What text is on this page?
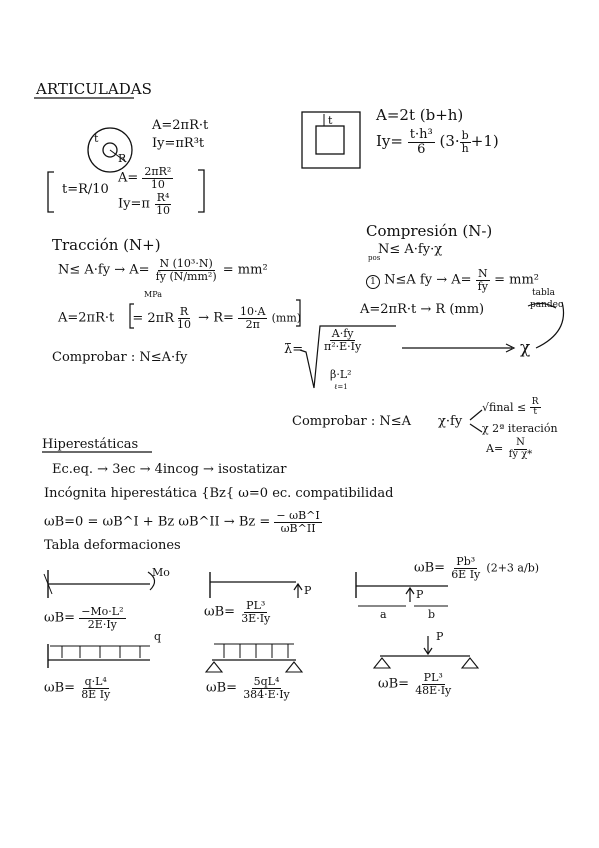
ARTICULADAS
t
R
A=2πR·t
Iy=πR³t
t=R/10
$A= \frac{\text{2πR²}}{10}$
$Iy=\pi \frac{\text{R⁴}}{10}$
t	A=2t (b+h)
$Iy= \frac{\text{t·h³}}{6} (3\cdot \frac{b}{h} +1)$
Tracción (N+)
$N\le A\cdot fy \to A= \frac{\text{N (10³·N)}}{\text{fy (N/mm²)}} = mm^2$
MPa
$A=2\pi R\cdot t = 2\pi R \frac{R}{10} \to R= \frac{10\cdot A}{2\pi} (mm)$
Comprobar : N≤A·fy
Compresión (N-)
N≤ A·fy·χ
pos
1 N≤A fy → $A= \frac{N}{fy} = mm^2$
A=2πR·t → R (mm)
tabla
pandeo
λ̄= $\frac{A\cdot fy}{\text{π²·E·Iy}}$
β·L²
ℓ=1
χ
Comprobar : N≤A χ·fy
√final ≤ $\frac{R}{t}$
χ 2ª iteración
$A= \frac{N}{\text{fy χ*}}$
Hiperestáticas
Ec.eq. → 3ec → 4incog → isostatizar
Incógnita hiperestática {Bz{ ω=0 ec. compatibilidad
ωB=0 = ωB^I + Bz ωB^II → $Bz = \frac{- \omega B\^{}I}{\omega B\^{}II}$
Tabla deformaciones
Mo
$\omega B= \frac{\text{−Mo·L²}}{2E\cdot Iy}$
P
$\omega B= \frac{\text{PL³}}{3E\cdot Iy}$
P
a	b
$\omega B= \frac{\text{Pb³}}{\text{6E Iy}} (2+3$ a/b)
q
$\omega B= \frac{\text{q·L⁴}}{\text{8E Iy}}$	$\omega B= \frac{\text{5qL⁴}}{384\cdot E\cdot Iy}$
P
$\omega B= \frac{\text{PL³}}{48E\cdot Iy}$
